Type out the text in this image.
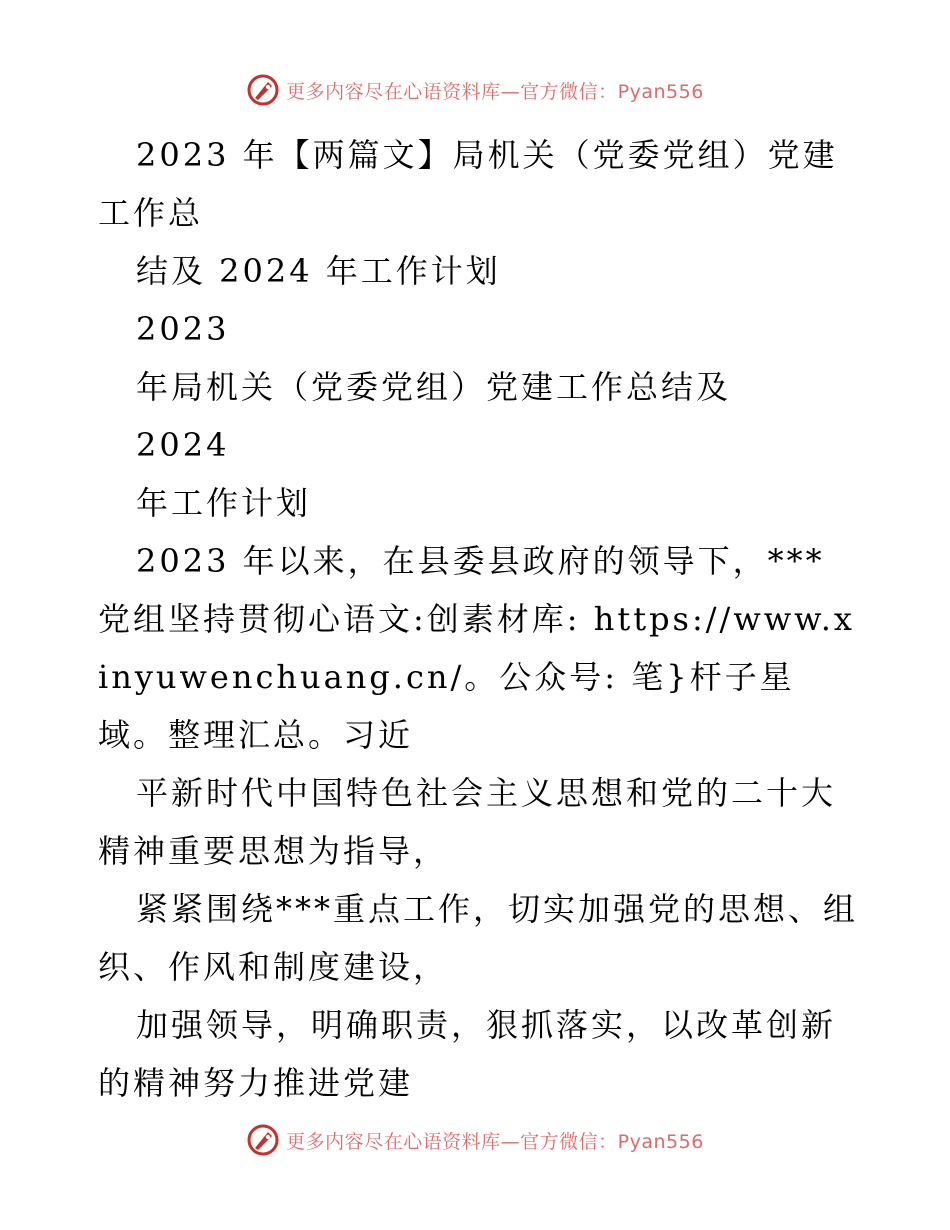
更多内容尽在心语资料库—官方微信：Pyan556

2023 年【两篇文】局机关（党委党组）党建工作总

结及 2024 年工作计划

2023

年局机关（党委党组）党建工作总结及

2024

年工作计划

2023 年以来，在县委县政府的领导下，***党组坚持贯彻心语文:创素材库: https://www.xinyuwenchuang.cn/。公众号: 笔}杆子星域。整理汇总。习近

平新时代中国特色社会主义思想和党的二十大精神重要思想为指导，

紧紧围绕***重点工作，切实加强党的思想、组织、作风和制度建设，

加强领导，明确职责，狠抓落实，以改革创新的精神努力推进党建

更多内容尽在心语资料库—官方微信：Pyan556
